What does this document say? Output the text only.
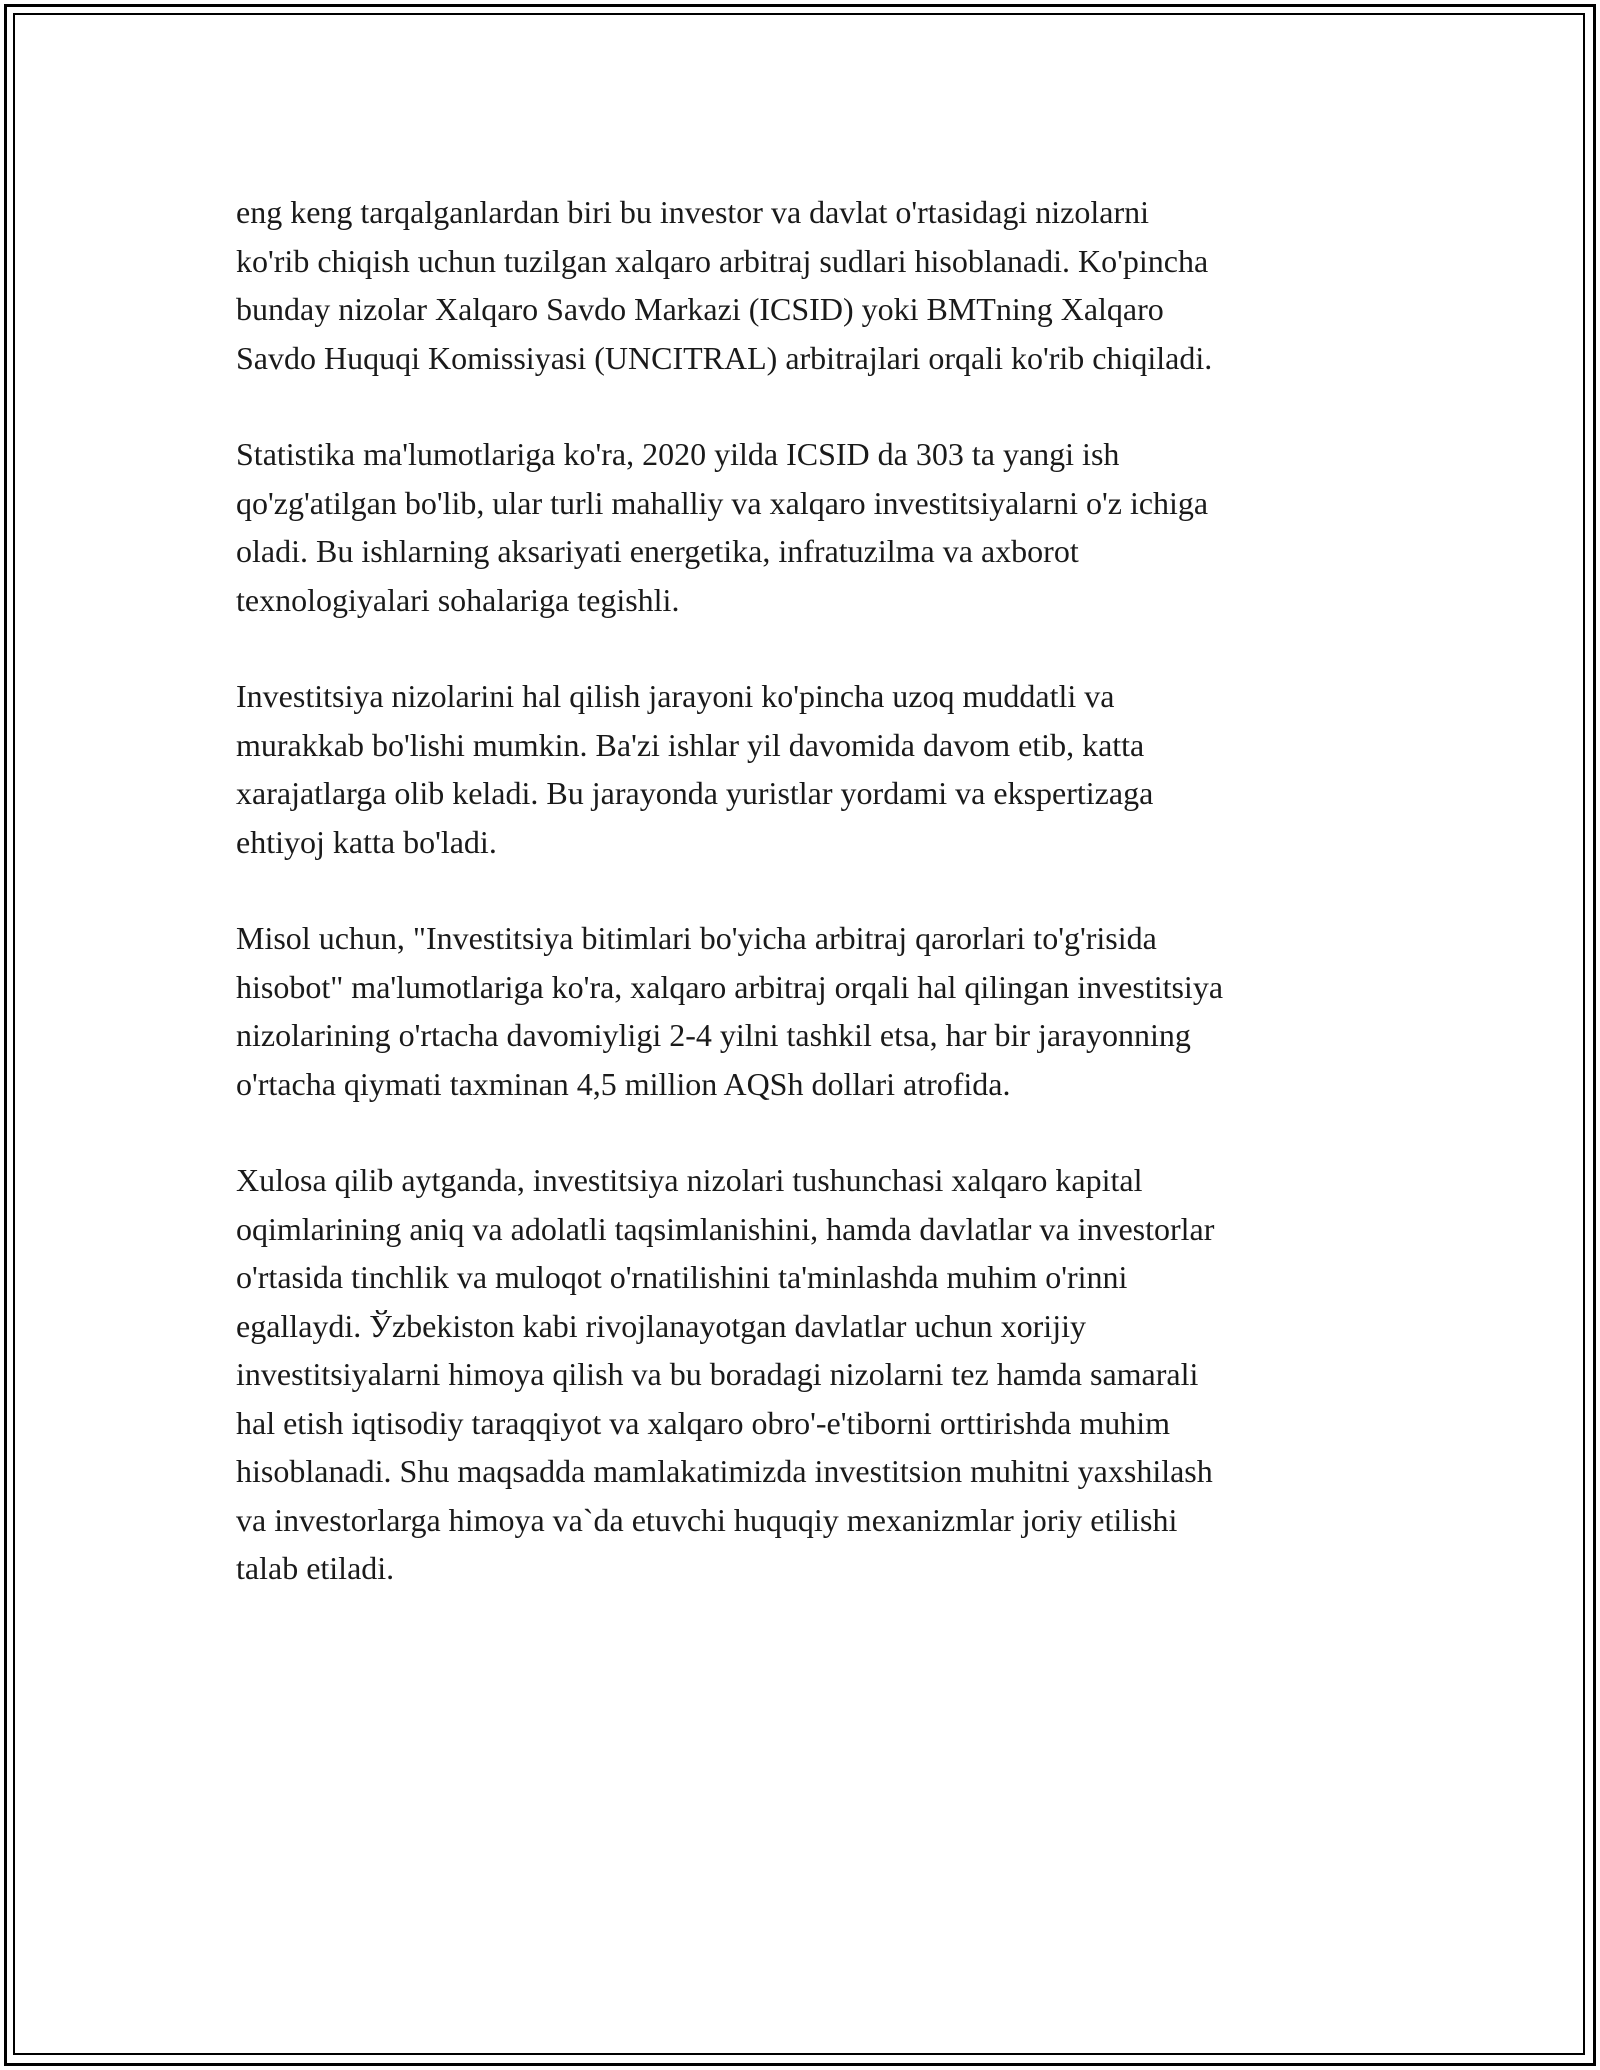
eng keng tarqalganlardan biri bu investor va davlat o'rtasidagi nizolarni
ko'rib chiqish uchun tuzilgan xalqaro arbitraj sudlari hisoblanadi. Ko'pincha
bunday nizolar Xalqaro Savdo Markazi (ICSID) yoki BMTning Xalqaro
Savdo Huquqi Komissiyasi (UNCITRAL) arbitrajlari orqali ko'rib chiqiladi.

Statistika ma'lumotlariga ko'ra, 2020 yilda ICSID da 303 ta yangi ish
qo'zg'atilgan bo'lib, ular turli mahalliy va xalqaro investitsiyalarni o'z ichiga
oladi. Bu ishlarning aksariyati energetika, infratuzilma va axborot
texnologiyalari sohalariga tegishli.

Investitsiya nizolarini hal qilish jarayoni ko'pincha uzoq muddatli va
murakkab bo'lishi mumkin. Ba'zi ishlar yil davomida davom etib, katta
xarajatlarga olib keladi. Bu jarayonda yuristlar yordami va ekspertizaga
ehtiyoj katta bo'ladi.

Misol uchun, "Investitsiya bitimlari bo'yicha arbitraj qarorlari to'g'risida
hisobot" ma'lumotlariga ko'ra, xalqaro arbitraj orqali hal qilingan investitsiya
nizolarining o'rtacha davomiyligi 2-4 yilni tashkil etsa, har bir jarayonning
o'rtacha qiymati taxminan 4,5 million AQSh dollari atrofida.

Xulosa qilib aytganda, investitsiya nizolari tushunchasi xalqaro kapital
oqimlarining aniq va adolatli taqsimlanishini, hamda davlatlar va investorlar
o'rtasida tinchlik va muloqot o'rnatilishini ta'minlashda muhim o'rinni
egallaydi. Ўzbekiston kabi rivojlanayotgan davlatlar uchun xorijiy
investitsiyalarni himoya qilish va bu boradagi nizolarni tez hamda samarali
hal etish iqtisodiy taraqqiyot va xalqaro obro'-e'tiborni orttirishda muhim
hisoblanadi. Shu maqsadda mamlakatimizda investitsion muhitni yaxshilash
va investorlarga himoya va`da etuvchi huquqiy mexanizmlar joriy etilishi
talab etiladi.
